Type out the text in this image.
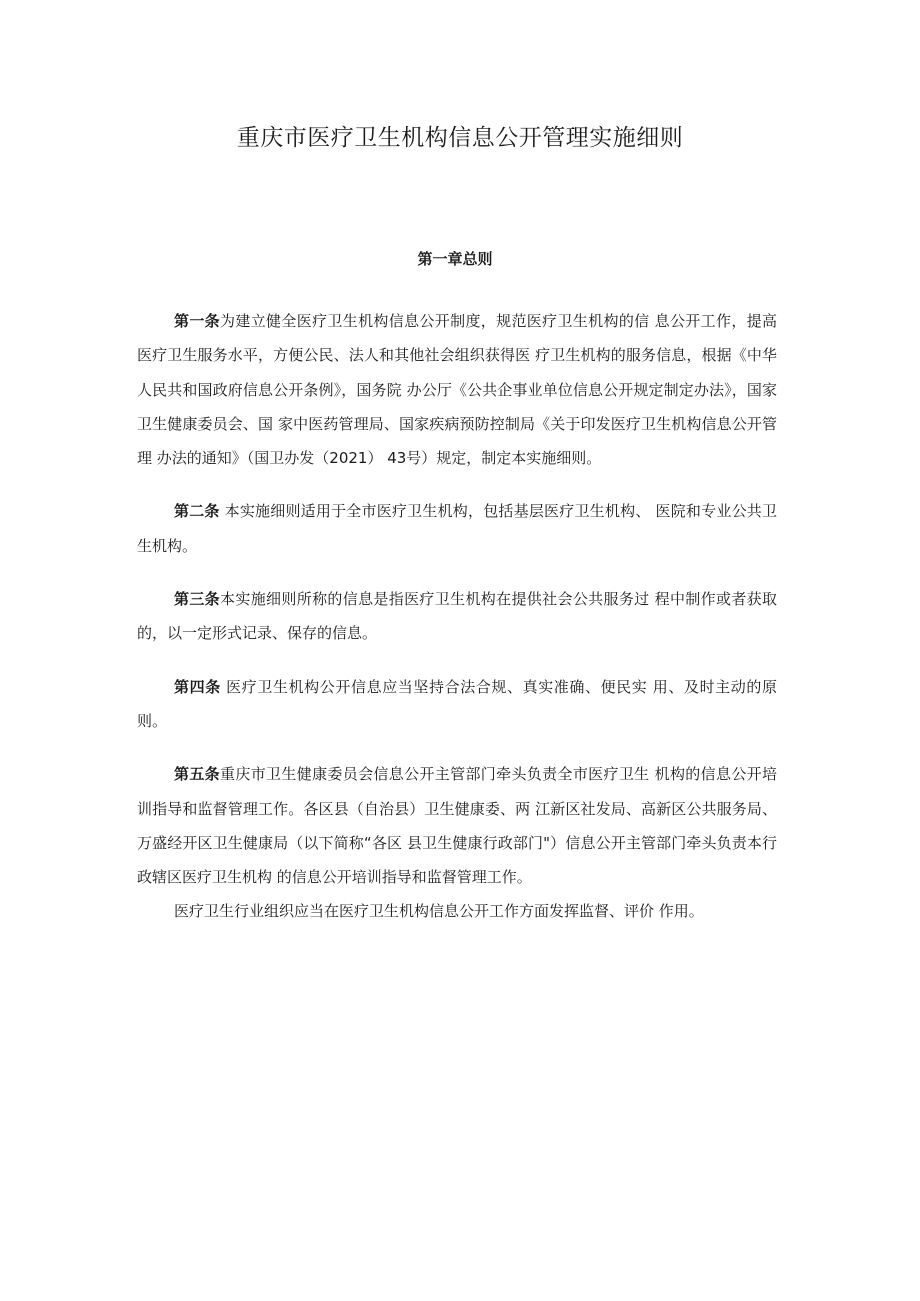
重庆市医疗卫生机构信息公开管理实施细则
第一章总则

第一条为建立健全医疗卫生机构信息公开制度，规范医疗卫生机构的信 息公开工作，提高医疗卫生服务水平，方便公民、法人和其他社会组织获得医 疗卫生机构的服务信息，根据《中华人民共和国政府信息公开条例》，国务院 办公厅《公共企事业单位信息公开规定制定办法》，国家卫生健康委员会、国 家中医药管理局、国家疾病预防控制局《关于印发医疗卫生机构信息公开管理 办法的通知》（国卫办发（2021） 43号）规定，制定本实施细则。

第二条 本实施细则适用于全市医疗卫生机构，包括基层医疗卫生机构、 医院和专业公共卫生机构。

第三条本实施细则所称的信息是指医疗卫生机构在提供社会公共服务过 程中制作或者获取的，以一定形式记录、保存的信息。

第四条 医疗卫生机构公开信息应当坚持合法合规、真实准确、便民实 用、及时主动的原则。

第五条重庆市卫生健康委员会信息公开主管部门牵头负责全市医疗卫生 机构的信息公开培训指导和监督管理工作。各区县（自治县）卫生健康委、两 江新区社发局、高新区公共服务局、万盛经开区卫生健康局（以下简称“各区 县卫生健康行政部门"）信息公开主管部门牵头负责本行政辖区医疗卫生机构 的信息公开培训指导和监督管理工作。

医疗卫生行业组织应当在医疗卫生机构信息公开工作方面发挥监督、评价 作用。
